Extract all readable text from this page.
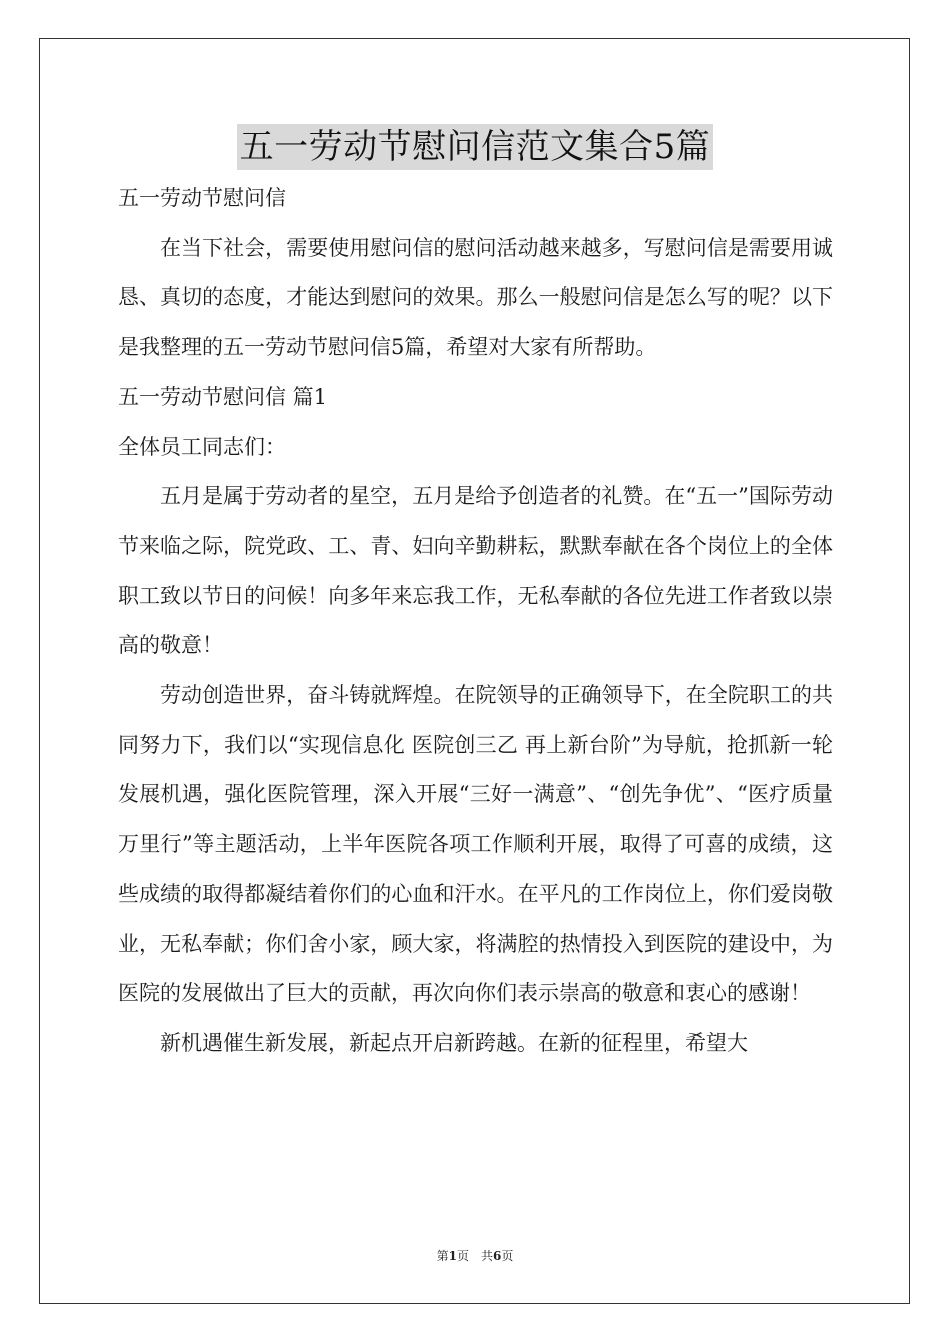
五一劳动节慰问信范文集合5篇

五一劳动节慰问信

在当下社会，需要使用慰问信的慰问活动越来越多，写慰问信是需要用诚恳、真切的态度，才能达到慰问的效果。那么一般慰问信是怎么写的呢？以下是我整理的五一劳动节慰问信5篇，希望对大家有所帮助。

五一劳动节慰问信 篇1

全体员工同志们：

五月是属于劳动者的星空，五月是给予创造者的礼赞。在“五一”国际劳动节来临之际，院党政、工、青、妇向辛勤耕耘，默默奉献在各个岗位上的全体职工致以节日的问候！向多年来忘我工作，无私奉献的各位先进工作者致以崇高的敬意！

劳动创造世界，奋斗铸就辉煌。在院领导的正确领导下，在全院职工的共同努力下，我们以“实现信息化 医院创三乙 再上新台阶”为导航，抢抓新一轮发展机遇，强化医院管理，深入开展“三好一满意”、“创先争优”、“医疗质量万里行”等主题活动，上半年医院各项工作顺利开展，取得了可喜的成绩，这些成绩的取得都凝结着你们的心血和汗水。在平凡的工作岗位上，你们爱岗敬业，无私奉献；你们舍小家，顾大家，将满腔的热情投入到医院的建设中，为医院的发展做出了巨大的贡献，再次向你们表示崇高的敬意和衷心的感谢！

新机遇催生新发展，新起点开启新跨越。在新的征程里，希望大

第1页　共6页
